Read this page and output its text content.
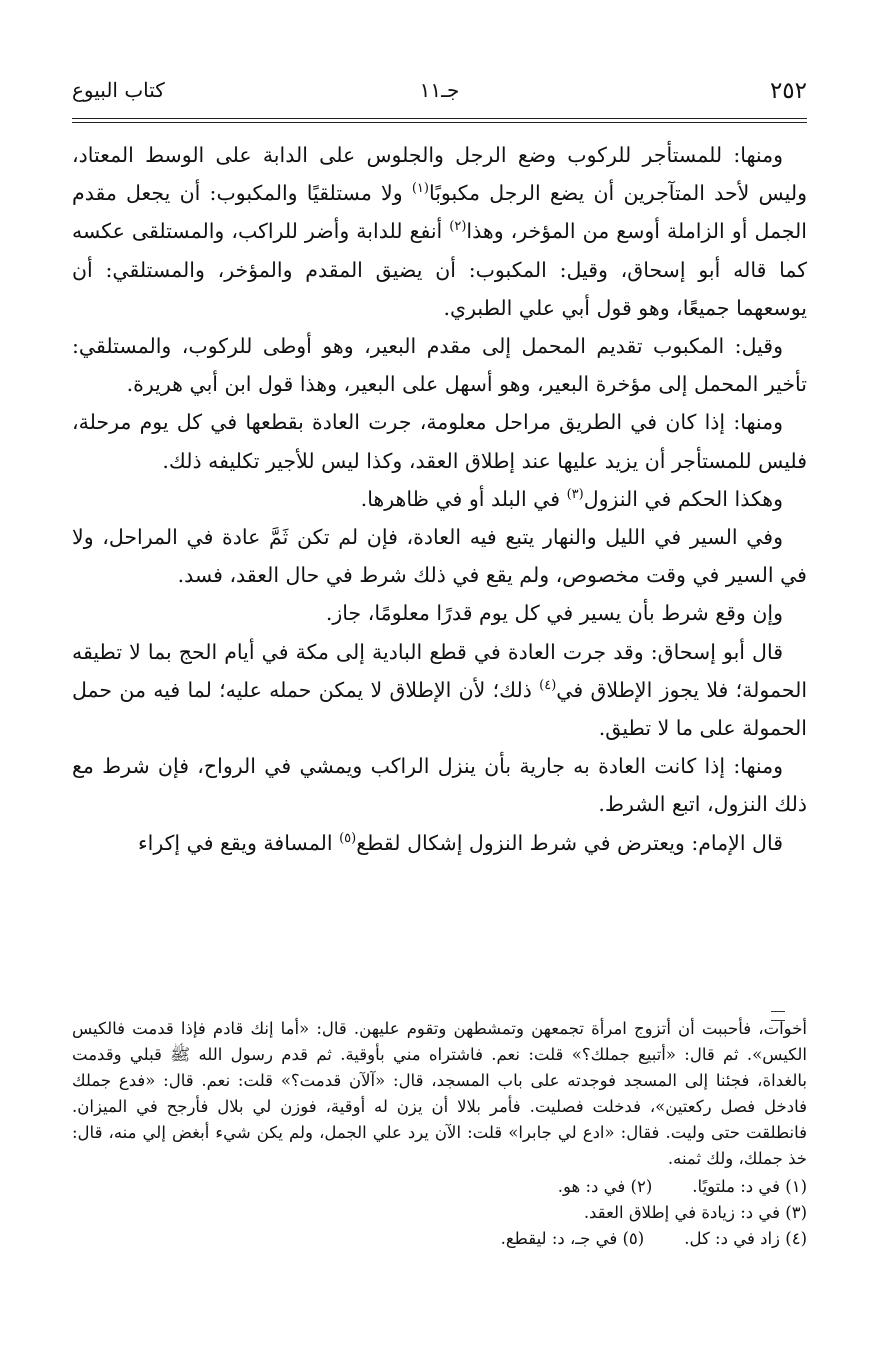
٢٥٢
جـ١١
كتاب البيوع

ومنها: للمستأجر للركوب وضع الرجل والجلوس على الدابة على الوسط المعتاد، وليس لأحد المتآجرين أن يضع الرجل مكبوبًا$^{(١)}$ ولا مستلقيًا والمكبوب: أن يجعل مقدم الجمل أو الزاملة أوسع من المؤخر، وهذا$^{(٢)}$ أنفع للدابة وأضر للراكب، والمستلقى عكسه كما قاله أبو إسحاق، وقيل: المكبوب: أن يضيق المقدم والمؤخر، والمستلقي: أن يوسعهما جميعًا، وهو قول أبي علي الطبري.

وقيل: المكبوب تقديم المحمل إلى مقدم البعير، وهو أوطى للركوب، والمستلقي: تأخير المحمل إلى مؤخرة البعير، وهو أسهل على البعير، وهذا قول ابن أبي هريرة.

ومنها: إذا كان في الطريق مراحل معلومة، جرت العادة بقطعها في كل يوم مرحلة، فليس للمستأجر أن يزيد عليها عند إطلاق العقد، وكذا ليس للأجير تكليفه ذلك.

وهكذا الحكم في النزول$^{(٣)}$ في البلد أو في ظاهرها.

وفي السير في الليل والنهار يتبع فيه العادة، فإن لم تكن ثَمَّ عادة في المراحل، ولا في السير في وقت مخصوص، ولم يقع في ذلك شرط في حال العقد، فسد.

وإن وقع شرط بأن يسير في كل يوم قدرًا معلومًا، جاز.

قال أبو إسحاق: وقد جرت العادة في قطع البادية إلى مكة في أيام الحج بما لا تطيقه الحمولة؛ فلا يجوز الإطلاق في$^{(٤)}$ ذلك؛ لأن الإطلاق لا يمكن حمله عليه؛ لما فيه من حمل الحمولة على ما لا تطيق.

ومنها: إذا كانت العادة به جارية بأن ينزل الراكب ويمشي في الرواح، فإن شرط مع ذلك النزول، اتبع الشرط.

قال الإمام: ويعترض في شرط النزول إشكال لقطع$^{(٥)}$ المسافة ويقع في إكراء

أخوات، فأحببت أن أتزوج امرأة تجمعهن وتمشطهن وتقوم عليهن. قال: «أما إنك قادم فإذا قدمت فالكيس الكيس». ثم قال: «أتبيع جملك؟» قلت: نعم. فاشتراه مني بأوقية. ثم قدم رسول الله ﷺ قبلي وقدمت بالغداة، فجئنا إلى المسجد فوجدته على باب المسجد، قال: «آلآن قدمت؟» قلت: نعم. قال: «فدع جملك فادخل فصل ركعتين»، فدخلت فصليت. فأمر بلالا أن يزن له أوقية، فوزن لي بلال فأرجح في الميزان. فانطلقت حتى وليت. فقال: «ادع لي جابرا» قلت: الآن يرد علي الجمل، ولم يكن شيء أبغض إلي منه، قال: خذ جملك، ولك ثمنه.

(١) في د: ملتويًا.
(٢) في د: هو.

(٣) في د: زيادة في إطلاق العقد.

(٤) زاد في د: كل.
(٥) في جـ، د: ليقطع.
